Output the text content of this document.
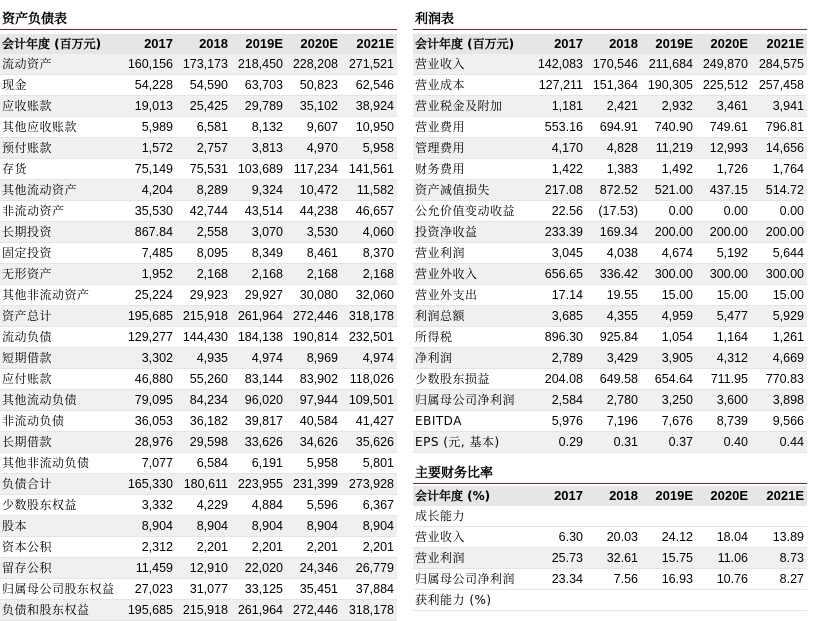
资产负债表
会计年度 (百万元)	2017	2018	2019E	2020E	2021E
流动资产	160,156	173,173	218,450	228,208	271,521
现金	54,228	54,590	63,703	50,823	62,546
应收账款	19,013	25,425	29,789	35,102	38,924
其他应收账款	5,989	6,581	8,132	9,607	10,950
预付账款	1,572	2,757	3,813	4,970	5,958
存货	75,149	75,531	103,689	117,234	141,561
其他流动资产	4,204	8,289	9,324	10,472	11,582
非流动资产	35,530	42,744	43,514	44,238	46,657
长期投资	867.84	2,558	3,070	3,530	4,060
固定投资	7,485	8,095	8,349	8,461	8,370
无形资产	1,952	2,168	2,168	2,168	2,168
其他非流动资产	25,224	29,923	29,927	30,080	32,060
资产总计	195,685	215,918	261,964	272,446	318,178
流动负债	129,277	144,430	184,138	190,814	232,501
短期借款	3,302	4,935	4,974	8,969	4,974
应付账款	46,880	55,260	83,144	83,902	118,026
其他流动负债	79,095	84,234	96,020	97,944	109,501
非流动负债	36,053	36,182	39,817	40,584	41,427
长期借款	28,976	29,598	33,626	34,626	35,626
其他非流动负债	7,077	6,584	6,191	5,958	5,801
负债合计	165,330	180,611	223,955	231,399	273,928
少数股东权益	3,332	4,229	4,884	5,596	6,367
股本	8,904	8,904	8,904	8,904	8,904
资本公积	2,312	2,201	2,201	2,201	2,201
留存公积	11,459	12,910	22,020	24,346	26,779
归属母公司股东权益	27,023	31,077	33,125	35,451	37,884
负债和股东权益	195,685	215,918	261,964	272,446	318,178
利润表
会计年度 (百万元)	2017	2018	2019E	2020E	2021E
营业收入	142,083	170,546	211,684	249,870	284,575
营业成本	127,211	151,364	190,305	225,512	257,458
营业税金及附加	1,181	2,421	2,932	3,461	3,941
营业费用	553.16	694.91	740.90	749.61	796.81
管理费用	4,170	4,828	11,219	12,993	14,656
财务费用	1,422	1,383	1,492	1,726	1,764
资产减值损失	217.08	872.52	521.00	437.15	514.72
公允价值变动收益	22.56	(17.53)	0.00	0.00	0.00
投资净收益	233.39	169.34	200.00	200.00	200.00
营业利润	3,045	4,038	4,674	5,192	5,644
营业外收入	656.65	336.42	300.00	300.00	300.00
营业外支出	17.14	19.55	15.00	15.00	15.00
利润总额	3,685	4,355	4,959	5,477	5,929
所得税	896.30	925.84	1,054	1,164	1,261
净利润	2,789	3,429	3,905	4,312	4,669
少数股东损益	204.08	649.58	654.64	711.95	770.83
归属母公司净利润	2,584	2,780	3,250	3,600	3,898
EBITDA	5,976	7,196	7,676	8,739	9,566
EPS (元, 基本)	0.29	0.31	0.37	0.40	0.44
主要财务比率
会计年度 (%)	2017	2018	2019E	2020E	2021E
成长能力					
营业收入	6.30	20.03	24.12	18.04	13.89
营业利润	25.73	32.61	15.75	11.06	8.73
归属母公司净利润	23.34	7.56	16.93	10.76	8.27
获利能力 (%)					
